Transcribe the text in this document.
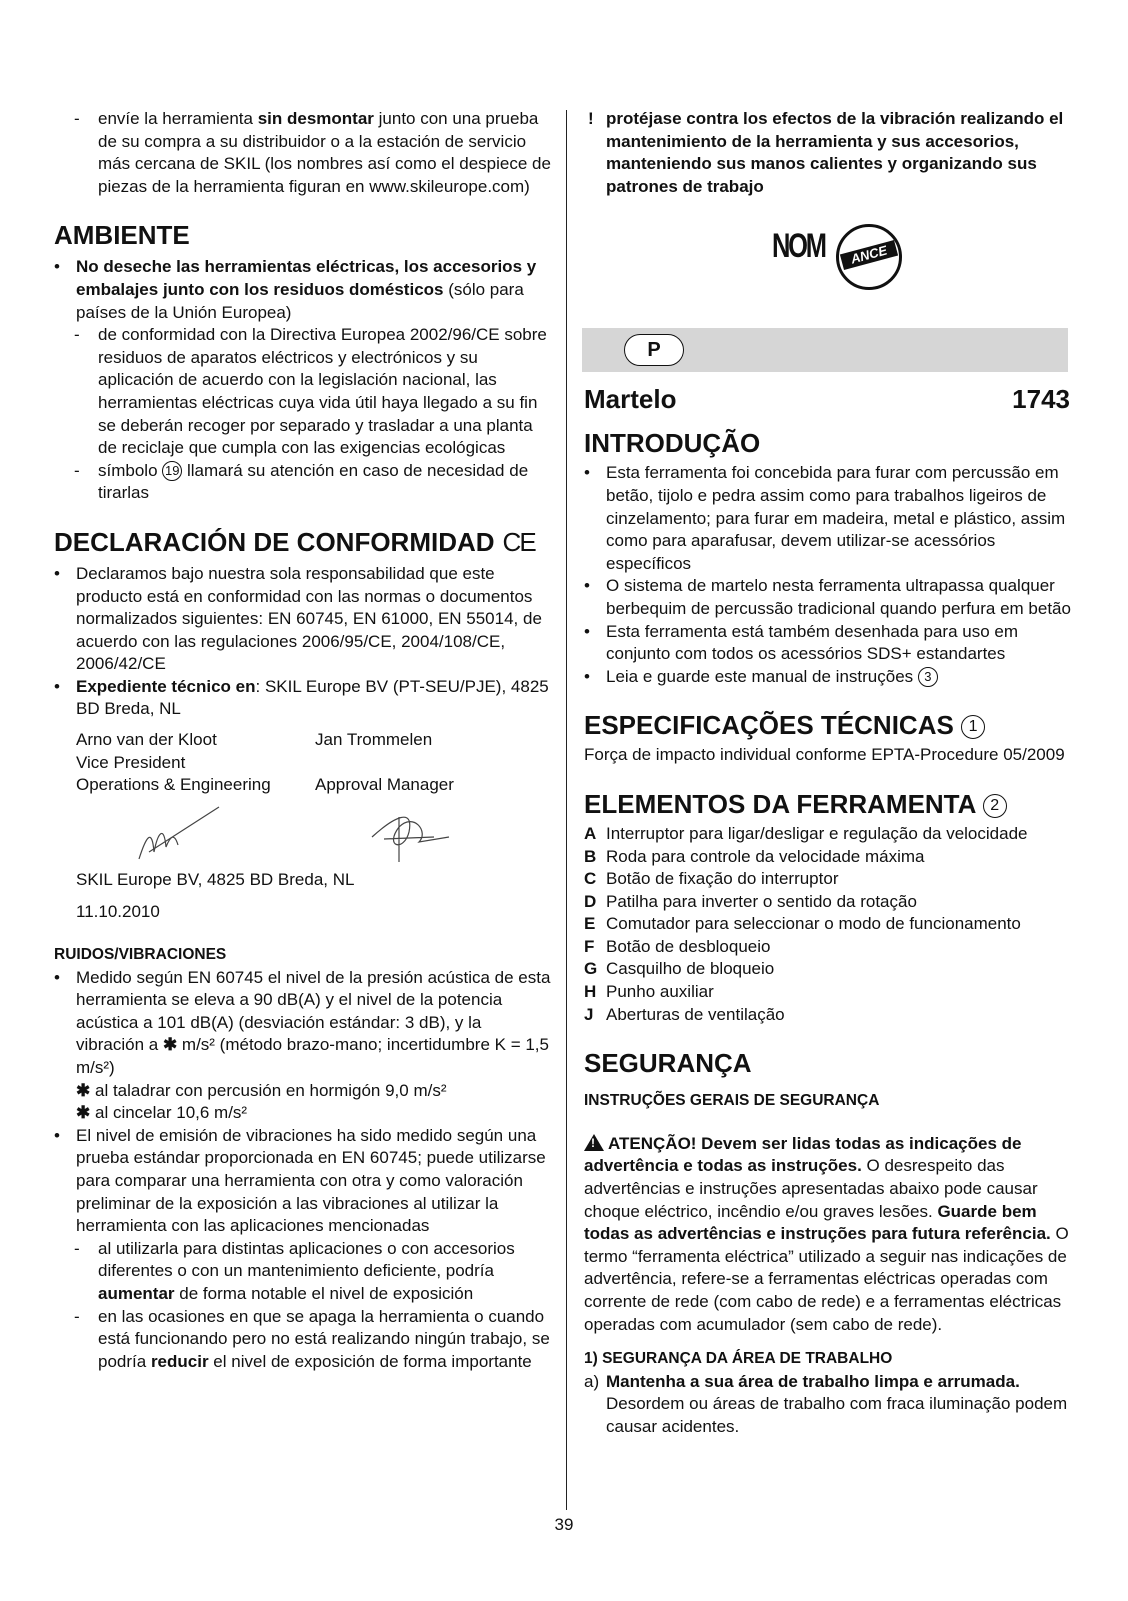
- envíe la herramienta sin desmontar junto con una prueba de su compra a su distribuidor o a la estación de servicio más cercana de SKIL (los nombres así como el despiece de piezas de la herramienta figuran en www.skileurope.com)
AMBIENTE
• No deseche las herramientas eléctricas, los accesorios y embalajes junto con los residuos domésticos (sólo para países de la Unión Europea)
- de conformidad con la Directiva Europea 2002/96/CE sobre residuos de aparatos eléctricos y electrónicos y su aplicación de acuerdo con la legislación nacional, las herramientas eléctricas cuya vida útil haya llegado a su fin se deberán recoger por separado y trasladar a una planta de reciclaje que cumpla con las exigencias ecológicas
- símbolo 19 llamará su atención en caso de necesidad de tirarlas
DECLARACIÓN DE CONFORMIDAD CE
• Declaramos bajo nuestra sola responsabilidad que este producto está en conformidad con las normas o documentos normalizados siguientes: EN 60745, EN 61000, EN 55014, de acuerdo con las regulaciones 2006/95/CE, 2004/108/CE, 2006/42/CE
• Expediente técnico en: SKIL Europe BV (PT-SEU/PJE), 4825 BD Breda, NL
Arno van der Kloot
Vice President
Operations & Engineering
Jan Trommelen

Approval Manager
SKIL Europe BV, 4825 BD Breda, NL
11.10.2010
RUIDOS/VIBRACIONES
• Medido según EN 60745 el nivel de la presión acústica de esta herramienta se eleva a 90 dB(A) y el nivel de la potencia acústica a 101 dB(A) (desviación estándar: 3 dB), y la vibración a ✱ m/s² (método brazo-mano; incertidumbre K = 1,5 m/s²)
✱ al taladrar con percusión en hormigón 9,0 m/s²
✱ al cincelar 10,6 m/s²
• El nivel de emisión de vibraciones ha sido medido según una prueba estándar proporcionada en EN 60745; puede utilizarse para comparar una herramienta con otra y como valoración preliminar de la exposición a las vibraciones al utilizar la herramienta con las aplicaciones mencionadas
- al utilizarla para distintas aplicaciones o con accesorios diferentes o con un mantenimiento deficiente, podría aumentar de forma notable el nivel de exposición
- en las ocasiones en que se apaga la herramienta o cuando está funcionando pero no está realizando ningún trabajo, se podría reducir el nivel de exposición de forma importante
! protéjase contra los efectos de la vibración realizando el mantenimiento de la herramienta y sus accesorios, manteniendo sus manos calientes y organizando sus patrones de trabajo
NOM	ANCE
P
Martelo	1743
INTRODUÇÃO
• Esta ferramenta foi concebida para furar com percussão em betão, tijolo e pedra assim como para trabalhos ligeiros de cinzelamento; para furar em madeira, metal e plástico, assim como para aparafusar, devem utilizar-se acessórios específicos
• O sistema de martelo nesta ferramenta ultrapassa qualquer berbequim de percussão tradicional quando perfura em betão
• Esta ferramenta está também desenhada para uso em conjunto com todos os acessórios SDS+ estandartes
• Leia e guarde este manual de instruções 3
ESPECIFICAÇÕES TÉCNICAS 1
Força de impacto individual conforme EPTA-Procedure 05/2009
ELEMENTOS DA FERRAMENTA 2
A Interruptor para ligar/desligar e regulação da velocidade
B Roda para controle da velocidade máxima
C Botão de fixação do interruptor
D Patilha para inverter o sentido da rotação
E Comutador para seleccionar o modo de funcionamento
F Botão de desbloqueio
G Casquilho de bloqueio
H Punho auxiliar
J Aberturas de ventilação
SEGURANÇA
INSTRUÇÕES GERAIS DE SEGURANÇA
!ATENÇÃO! Devem ser lidas todas as indicações de advertência e todas as instruções. O desrespeito das advertências e instruções apresentadas abaixo pode causar choque eléctrico, incêndio e/ou graves lesões. Guarde bem todas as advertências e instruções para futura referência. O termo “ferramenta eléctrica” utilizado a seguir nas indicações de advertência, refere-se a ferramentas eléctricas operadas com corrente de rede (com cabo de rede) e a ferramentas eléctricas operadas com acumulador (sem cabo de rede).
1) SEGURANÇA DA ÁREA DE TRABALHO
a) Mantenha a sua área de trabalho limpa e arrumada. Desordem ou áreas de trabalho com fraca iluminação podem causar acidentes.
39
